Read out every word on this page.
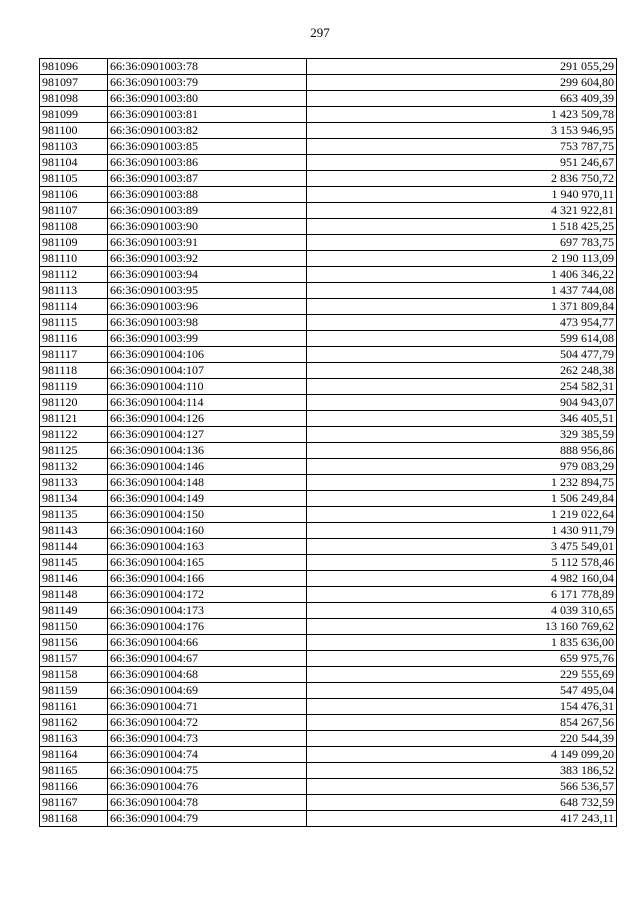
297
981096	66:36:0901003:78	291 055,29
981097	66:36:0901003:79	299 604,80
981098	66:36:0901003:80	663 409,39
981099	66:36:0901003:81	1 423 509,78
981100	66:36:0901003:82	3 153 946,95
981103	66:36:0901003:85	753 787,75
981104	66:36:0901003:86	951 246,67
981105	66:36:0901003:87	2 836 750,72
981106	66:36:0901003:88	1 940 970,11
981107	66:36:0901003:89	4 321 922,81
981108	66:36:0901003:90	1 518 425,25
981109	66:36:0901003:91	697 783,75
981110	66:36:0901003:92	2 190 113,09
981112	66:36:0901003:94	1 406 346,22
981113	66:36:0901003:95	1 437 744,08
981114	66:36:0901003:96	1 371 809,84
981115	66:36:0901003:98	473 954,77
981116	66:36:0901003:99	599 614,08
981117	66:36:0901004:106	504 477,79
981118	66:36:0901004:107	262 248,38
981119	66:36:0901004:110	254 582,31
981120	66:36:0901004:114	904 943,07
981121	66:36:0901004:126	346 405,51
981122	66:36:0901004:127	329 385,59
981125	66:36:0901004:136	888 956,86
981132	66:36:0901004:146	979 083,29
981133	66:36:0901004:148	1 232 894,75
981134	66:36:0901004:149	1 506 249,84
981135	66:36:0901004:150	1 219 022,64
981143	66:36:0901004:160	1 430 911,79
981144	66:36:0901004:163	3 475 549,01
981145	66:36:0901004:165	5 112 578,46
981146	66:36:0901004:166	4 982 160,04
981148	66:36:0901004:172	6 171 778,89
981149	66:36:0901004:173	4 039 310,65
981150	66:36:0901004:176	13 160 769,62
981156	66:36:0901004:66	1 835 636,00
981157	66:36:0901004:67	659 975,76
981158	66:36:0901004:68	229 555,69
981159	66:36:0901004:69	547 495,04
981161	66:36:0901004:71	154 476,31
981162	66:36:0901004:72	854 267,56
981163	66:36:0901004:73	220 544,39
981164	66:36:0901004:74	4 149 099,20
981165	66:36:0901004:75	383 186,52
981166	66:36:0901004:76	566 536,57
981167	66:36:0901004:78	648 732,59
981168	66:36:0901004:79	417 243,11
